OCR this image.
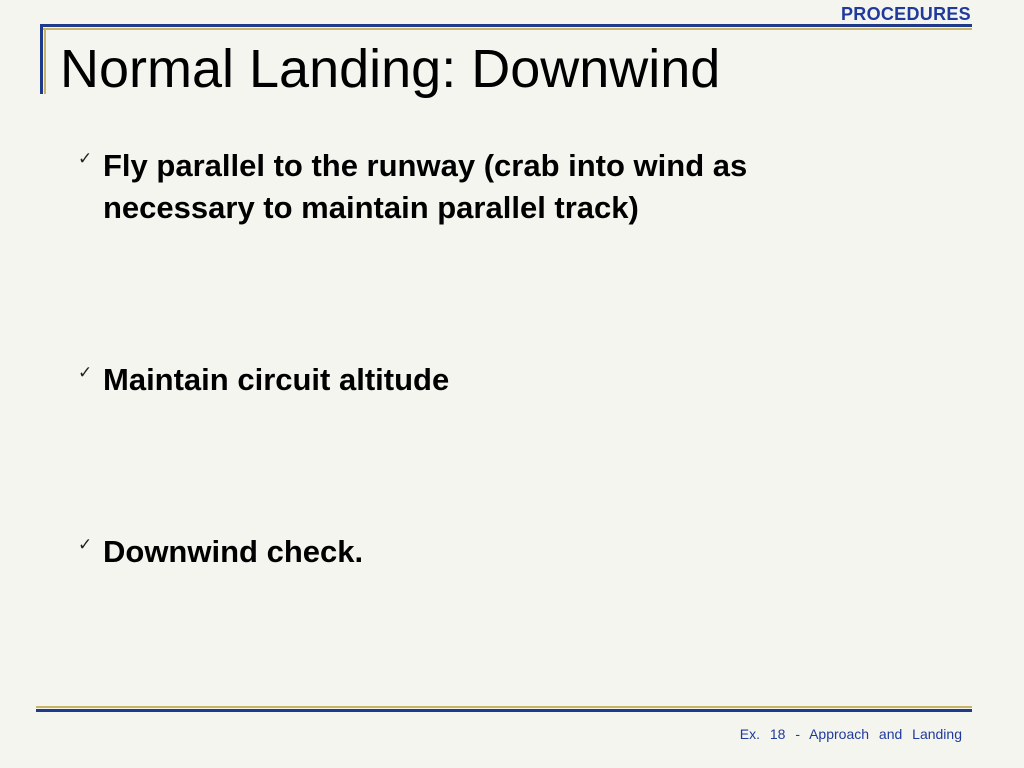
PROCEDURES
Normal Landing: Downwind
✓ Fly parallel to the runway (crab into wind as necessary to maintain parallel track)
✓ Maintain circuit altitude
✓ Downwind check.
Ex. 18 - Approach and Landing
